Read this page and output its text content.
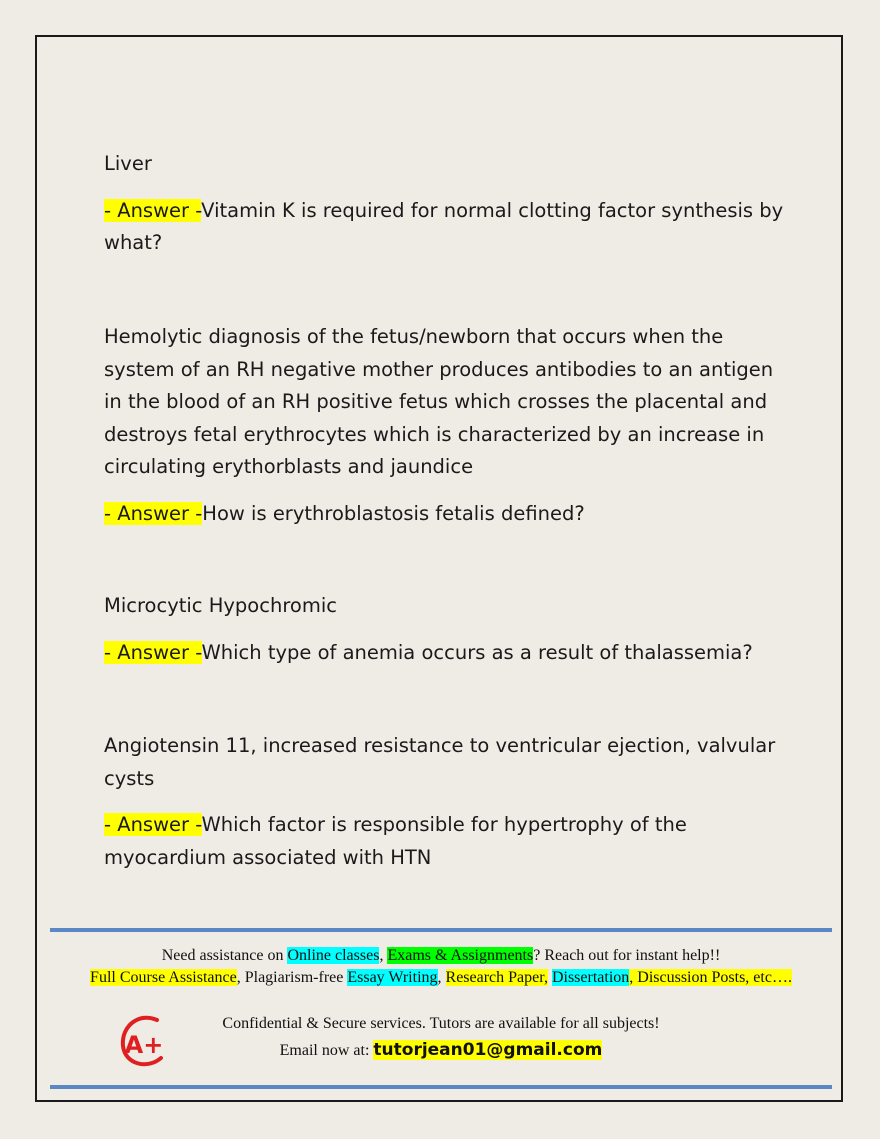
Liver

- Answer -Vitamin K is required for normal clotting factor synthesis by what?

Hemolytic diagnosis of the fetus/newborn that occurs when the system of an RH negative mother produces antibodies to an antigen in the blood of an RH positive fetus which crosses the placental and destroys fetal erythrocytes which is characterized by an increase in circulating erythorblasts and jaundice

- Answer -How is erythroblastosis fetalis defined?

Microcytic Hypochromic

- Answer -Which type of anemia occurs as a result of thalassemia?

Angiotensin 11, increased resistance to ventricular ejection, valvular cysts

- Answer -Which factor is responsible for hypertrophy of the myocardium associated with HTN

Need assistance on Online classes, Exams & Assignments? Reach out for instant help!!
Full Course Assistance, Plagiarism-free Essay Writing, Research Paper, Dissertation, Discussion Posts, etc….
A+
Confidential & Secure services. Tutors are available for all subjects!
Email now at: tutorjean01@gmail.com
